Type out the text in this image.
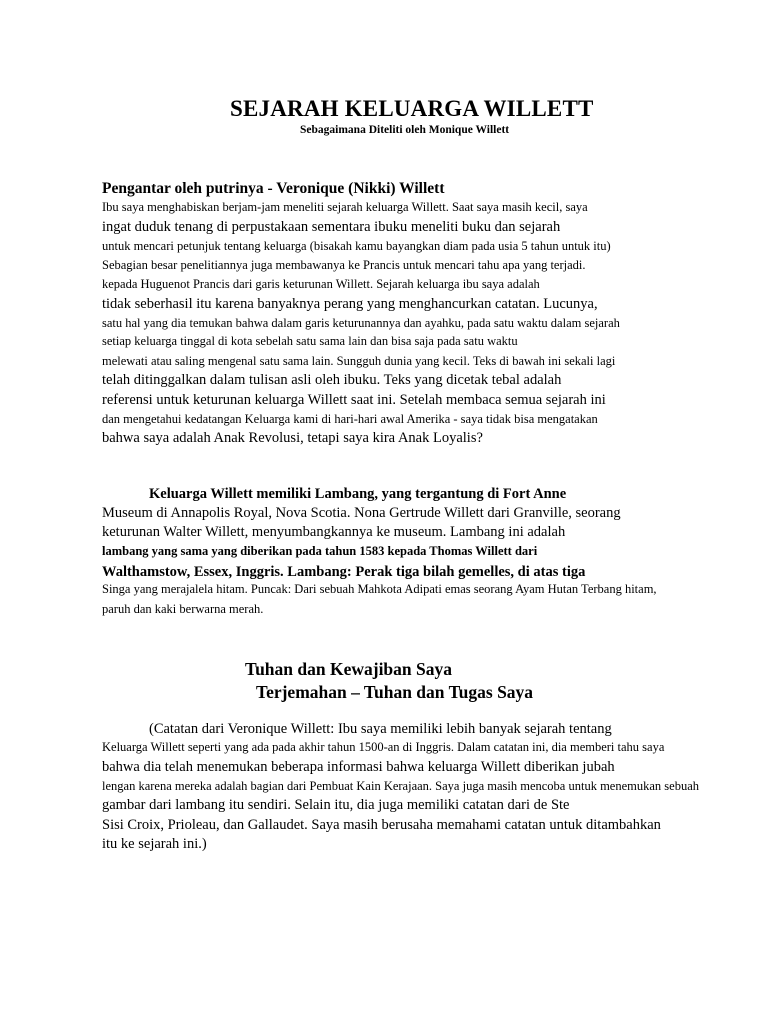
SEJARAH KELUARGA WILLETT
Sebagaimana Diteliti oleh Monique Willett
Pengantar oleh putrinya - Veronique (Nikki) Willett
Ibu saya menghabiskan berjam-jam meneliti sejarah keluarga Willett. Saat saya masih kecil, saya
ingat duduk tenang di perpustakaan sementara ibuku meneliti buku dan sejarah
untuk mencari petunjuk tentang keluarga (bisakah kamu bayangkan diam pada usia 5 tahun untuk itu)
Sebagian besar penelitiannya juga membawanya ke Prancis untuk mencari tahu apa yang terjadi.
kepada Huguenot Prancis dari garis keturunan Willett. Sejarah keluarga ibu saya adalah
tidak seberhasil itu karena banyaknya perang yang menghancurkan catatan. Lucunya,
satu hal yang dia temukan bahwa dalam garis keturunannya dan ayahku, pada satu waktu dalam sejarah
setiap keluarga tinggal di kota sebelah satu sama lain dan bisa saja pada satu waktu
melewati atau saling mengenal satu sama lain. Sungguh dunia yang kecil. Teks di bawah ini sekali lagi
telah ditinggalkan dalam tulisan asli oleh ibuku. Teks yang dicetak tebal adalah
referensi untuk keturunan keluarga Willett saat ini. Setelah membaca semua sejarah ini
dan mengetahui kedatangan Keluarga kami di hari-hari awal Amerika - saya tidak bisa mengatakan
bahwa saya adalah Anak Revolusi, tetapi saya kira Anak Loyalis?
Keluarga Willett memiliki Lambang, yang tergantung di Fort Anne
Museum di Annapolis Royal, Nova Scotia. Nona Gertrude Willett dari Granville, seorang
keturunan Walter Willett, menyumbangkannya ke museum. Lambang ini adalah
lambang yang sama yang diberikan pada tahun 1583 kepada Thomas Willett dari
Walthamstow, Essex, Inggris. Lambang: Perak tiga bilah gemelles, di atas tiga
Singa yang merajalela hitam. Puncak: Dari sebuah Mahkota Adipati emas seorang Ayam Hutan Terbang hitam,
paruh dan kaki berwarna merah.
Tuhan dan Kewajiban Saya
Terjemahan – Tuhan dan Tugas Saya
(Catatan dari Veronique Willett: Ibu saya memiliki lebih banyak sejarah tentang
Keluarga Willett seperti yang ada pada akhir tahun 1500-an di Inggris. Dalam catatan ini, dia memberi tahu saya
bahwa dia telah menemukan beberapa informasi bahwa keluarga Willett diberikan jubah
lengan karena mereka adalah bagian dari Pembuat Kain Kerajaan. Saya juga masih mencoba untuk menemukan sebuah
gambar dari lambang itu sendiri. Selain itu, dia juga memiliki catatan dari de Ste
Sisi Croix, Prioleau, dan Gallaudet. Saya masih berusaha memahami catatan untuk ditambahkan
itu ke sejarah ini.)
